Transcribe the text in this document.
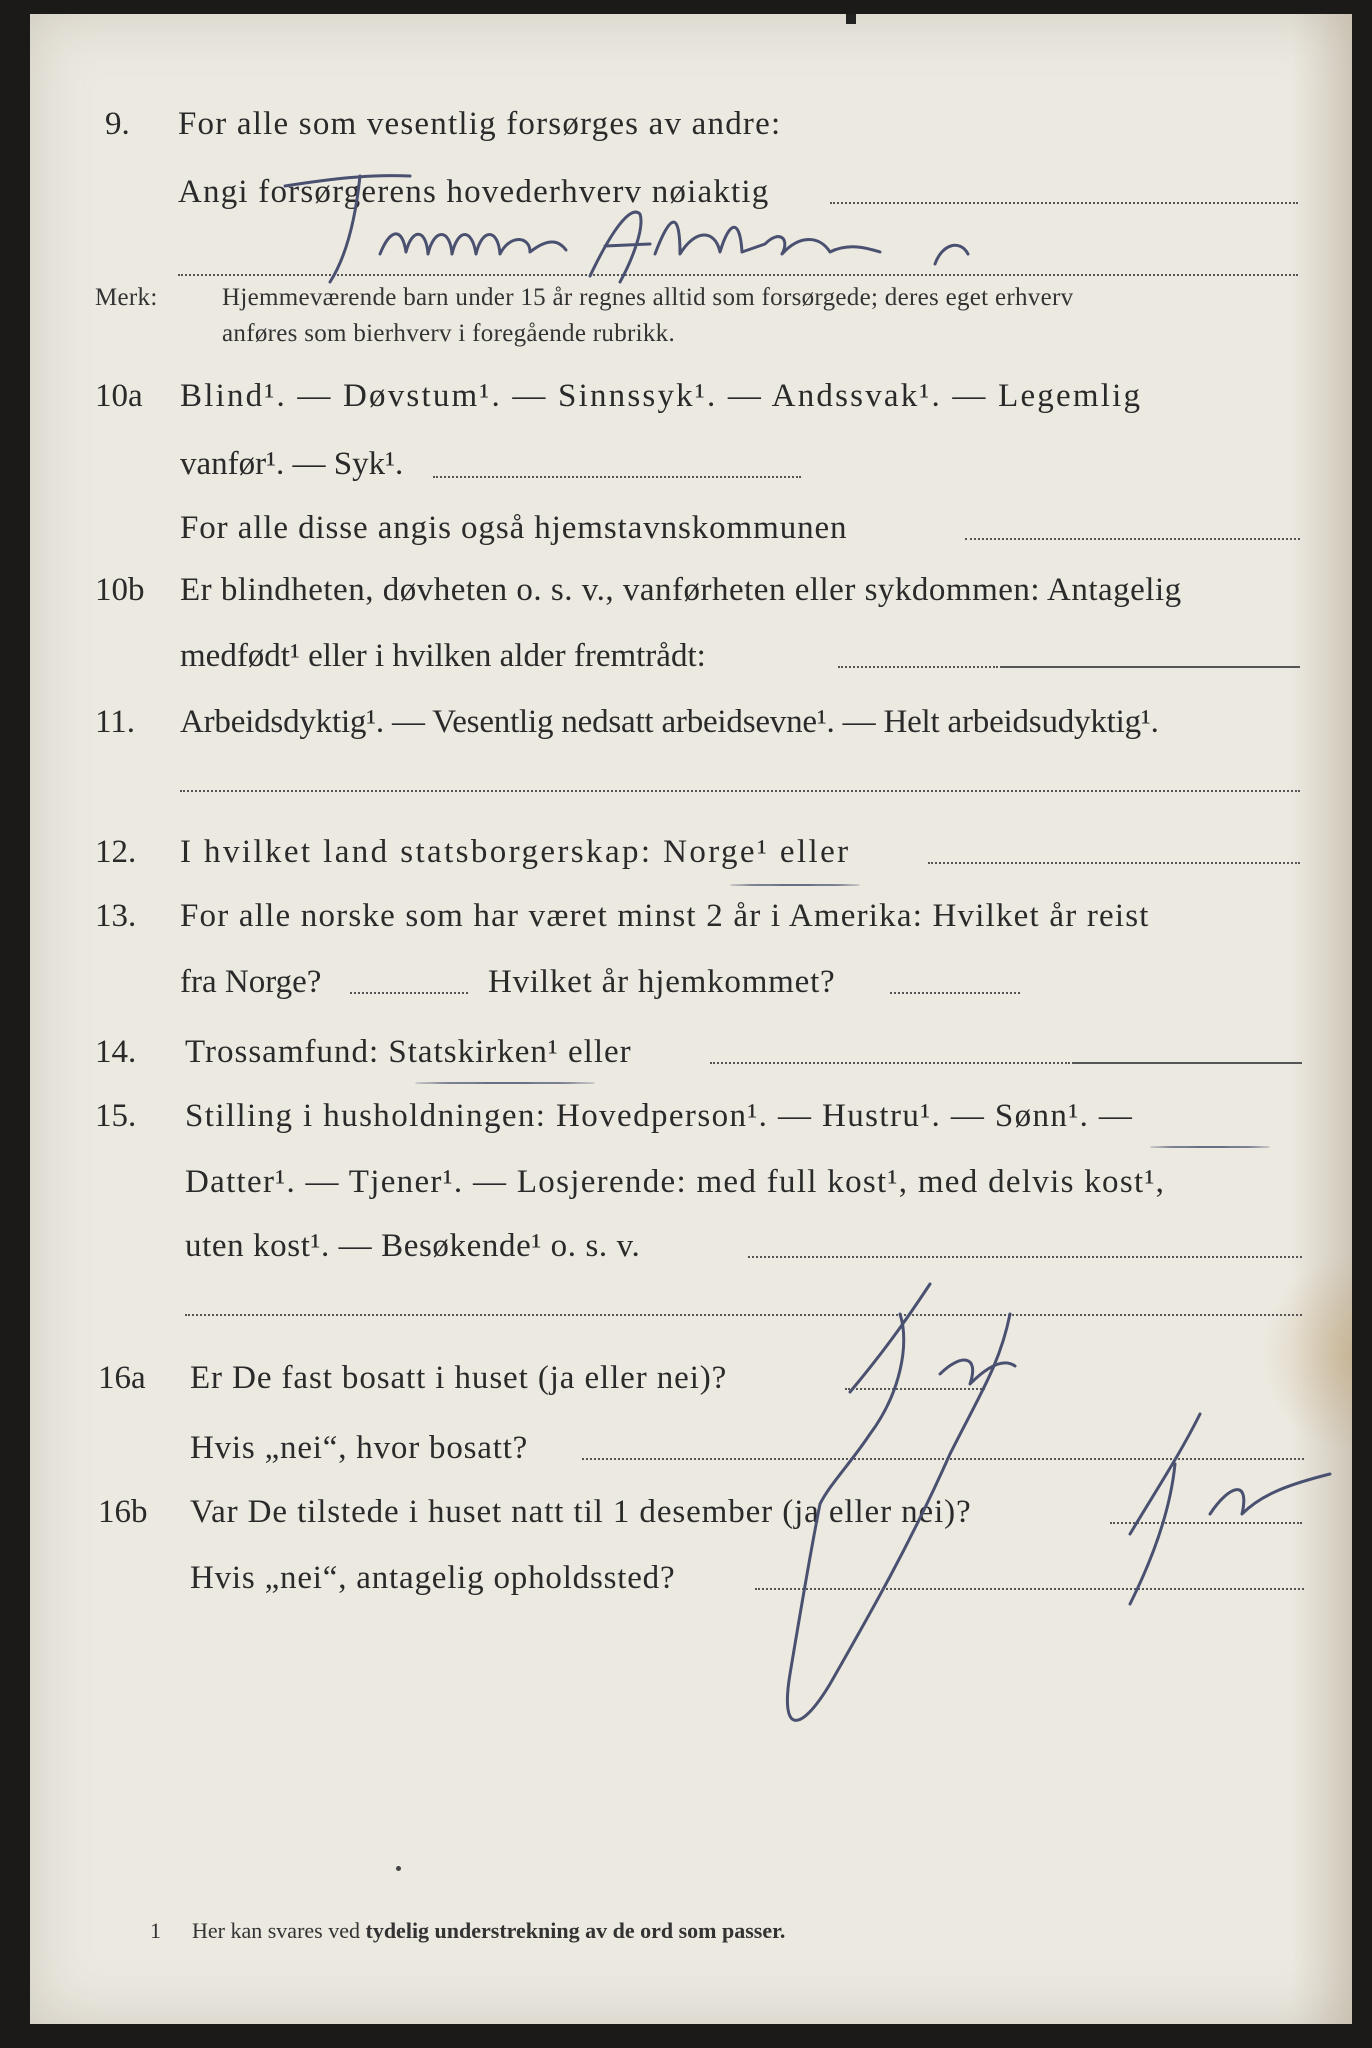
9. For alle som vesentlig forsørges av andre:
Angi forsørgerens hovederhverv nøiaktig
Merk:	Hjemmeværende barn under 15 år regnes alltid som forsørgede; deres eget erhverv
anføres som bierhverv i foregående rubrikk.
10a Blind¹. — Døvstum¹. — Sinnssyk¹. — Andssvak¹. — Legemlig
vanfør¹. — Syk¹.
For alle disse angis også hjemstavnskommunen
10b Er blindheten, døvheten o. s. v., vanførheten eller sykdommen: Antagelig
medfødt¹ eller i hvilken alder fremtrådt:
11. Arbeidsdyktig¹. — Vesentlig nedsatt arbeidsevne¹. — Helt arbeidsudyktig¹.
12. I hvilket land statsborgerskap: Norge¹ eller
13. For alle norske som har været minst 2 år i Amerika: Hvilket år reist
fra Norge?	Hvilket år hjemkommet?
14. Trossamfund: Statskirken¹ eller
15. Stilling i husholdningen: Hovedperson¹. — Hustru¹. — Sønn¹. —
Datter¹. — Tjener¹. — Losjerende: med full kost¹, med delvis kost¹,
uten kost¹. — Besøkende¹ o. s. v.
16a Er De fast bosatt i huset (ja eller nei)?
Hvis „nei“, hvor bosatt?
16b Var De tilstede i huset natt til 1 desember (ja eller nei)?
Hvis „nei“, antagelig opholdssted?
1 Her kan svares ved tydelig understrekning av de ord som passer.
